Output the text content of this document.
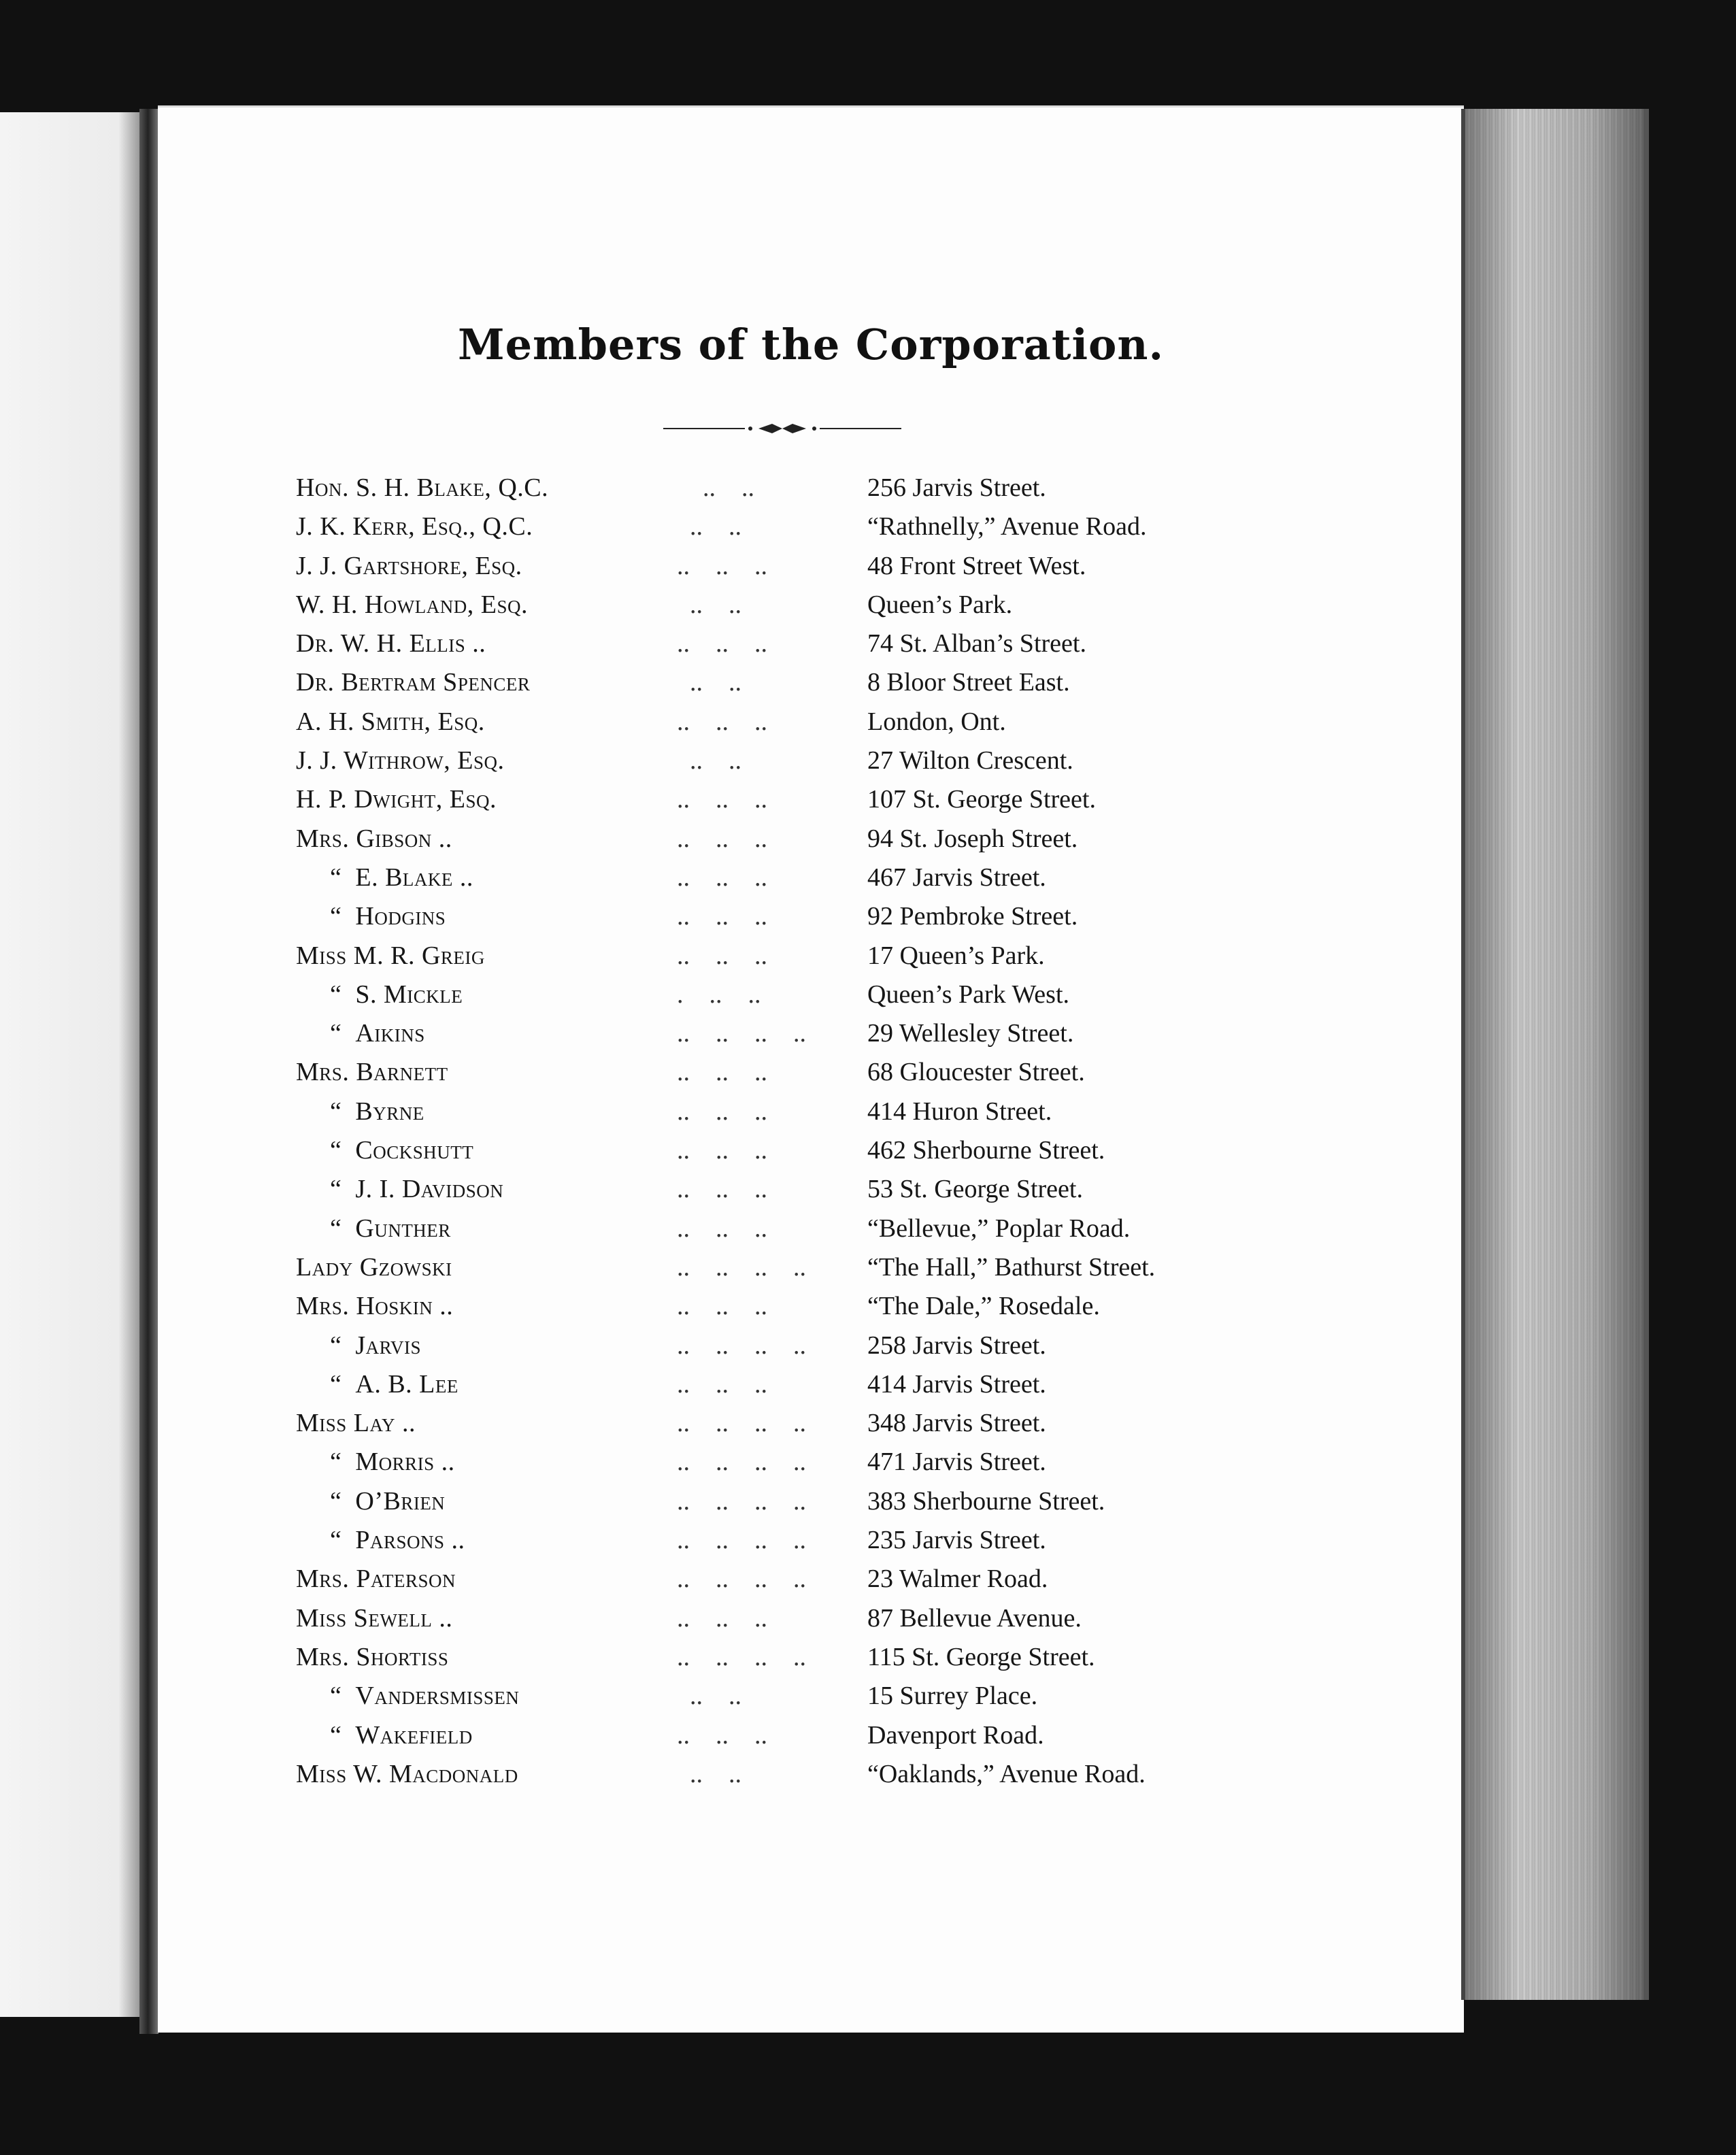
Members of the Corporation.
Hon. S. H. Blake, Q.C.	..    ..	256 Jarvis Street.
J. K. Kerr, Esq., Q.C.	..    ..	“Rathnelly,” Avenue Road.
J. J. Gartshore, Esq.	..    ..    ..	48 Front Street West.
W. H. Howland, Esq.	..    ..	Queen’s Park.
Dr. W. H. Ellis ..	..    ..    ..	74 St. Alban’s Street.
Dr. Bertram Spencer	..    ..	8 Bloor Street East.
A. H. Smith, Esq.	..    ..    ..	London, Ont.
J. J. Withrow, Esq.	..    ..	27 Wilton Crescent.
H. P. Dwight, Esq.	..    ..    ..	107 St. George Street.
Mrs. Gibson ..	..    ..    ..	94 St. Joseph Street.
“  E. Blake ..	..    ..    ..	467 Jarvis Street.
“  Hodgins	..    ..    ..	92 Pembroke Street.
Miss M. R. Greig	..    ..    ..	17 Queen’s Park.
“  S. Mickle	.    ..    ..	Queen’s Park West.
“  Aikins	..    ..    ..    ..	29 Wellesley Street.
Mrs. Barnett	..    ..    ..	68 Gloucester Street.
“  Byrne	..    ..    ..	414 Huron Street.
“  Cockshutt	..    ..    ..	462 Sherbourne Street.
“  J. I. Davidson	..    ..    ..	53 St. George Street.
“  Gunther	..    ..    ..	“Bellevue,” Poplar Road.
Lady Gzowski	..    ..    ..    ..	“The Hall,” Bathurst Street.
Mrs. Hoskin ..	..    ..    ..	“The Dale,” Rosedale.
“  Jarvis	..    ..    ..    ..	258 Jarvis Street.
“  A. B. Lee	..    ..    ..	414 Jarvis Street.
Miss Lay ..	..    ..    ..    ..	348 Jarvis Street.
“  Morris ..	..    ..    ..    ..	471 Jarvis Street.
“  O’Brien	..    ..    ..    ..	383 Sherbourne Street.
“  Parsons ..	..    ..    ..    ..	235 Jarvis Street.
Mrs. Paterson	..    ..    ..    ..	23 Walmer Road.
Miss Sewell ..	..    ..    ..	87 Bellevue Avenue.
Mrs. Shortiss	..    ..    ..    ..	115 St. George Street.
“  Vandersmissen	..    ..	15 Surrey Place.
“  Wakefield	..    ..    ..	Davenport Road.
Miss W. Macdonald	..    ..	“Oaklands,” Avenue Road.
